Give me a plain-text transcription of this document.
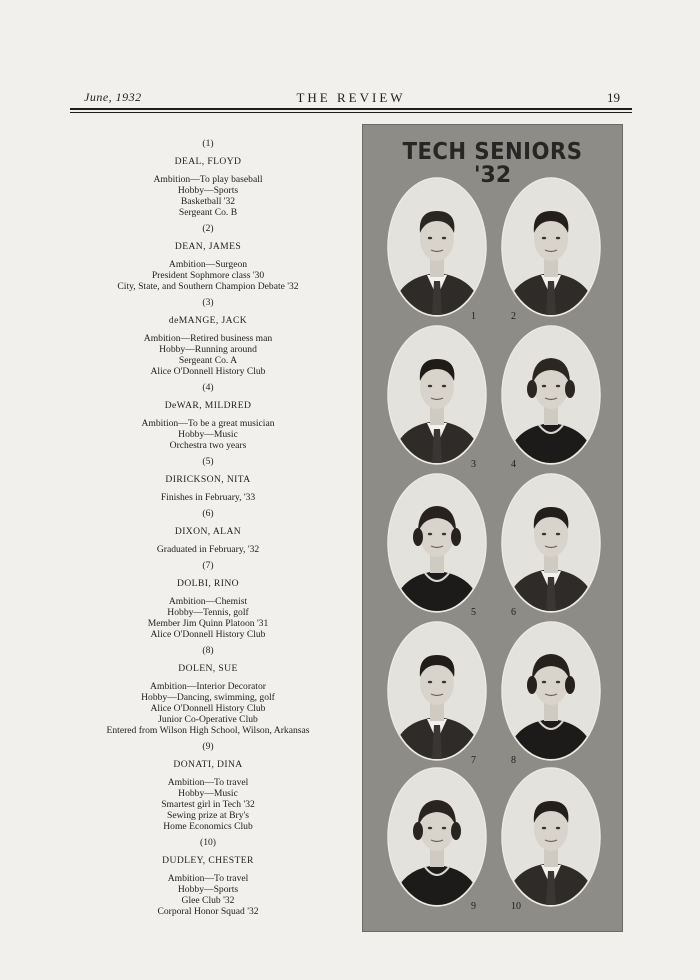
June, 1932	THE REVIEW	19
(1)
DEAL, FLOYD
Ambition—To play baseball
Hobby—Sports
Basketball '32
Sergeant Co. B
(2)
DEAN, JAMES
Ambition—Surgeon
President Sophmore class '30
City, State, and Southern Champion Debate '32
(3)
deMANGE, JACK
Ambition—Retired business man
Hobby—Running around
Sergeant Co. A
Alice O'Donnell History Club
(4)
DeWAR, MILDRED
Ambition—To be a great musician
Hobby—Music
Orchestra two years
(5)
DIRICKSON, NITA
Finishes in February, '33
(6)
DIXON, ALAN
Graduated in February, '32
(7)
DOLBI, RINO
Ambition—Chemist
Hobby—Tennis, golf
Member Jim Quinn Platoon '31
Alice O'Donnell History Club
(8)
DOLEN, SUE
Ambition—Interior Decorator
Hobby—Dancing, swimming, golf
Alice O'Donnell History Club
Junior Co-Operative Club
Entered from Wilson High School, Wilson, Arkansas
(9)
DONATI, DINA
Ambition—To travel
Hobby—Music
Smartest girl in Tech '32
Sewing prize at Bry's
Home Economics Club
(10)
DUDLEY, CHESTER
Ambition—To travel
Hobby—Sports
Glee Club '32
Corporal Honor Squad '32
TECH SENIORS
'32
1	2
3	4
5	6
7	8
9	10
